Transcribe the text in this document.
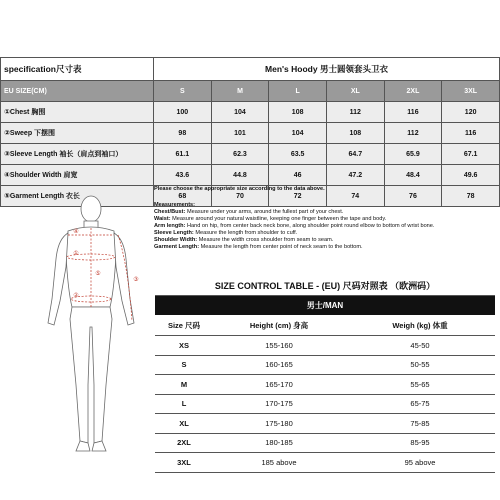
specification尺寸表	Men's Hoody 男士圆领套头卫衣					
EU SIZE(CM)	S	M	L	XL	2XL	3XL
①Chest 胸围	100	104	108	112	116	120
②Sweep 下摆围	98	101	104	108	112	116
③Sleeve Length 袖长（肩点到袖口）	61.1	62.3	63.5	64.7	65.9	67.1
④Shoulder Width 肩宽	43.6	44.8	46	47.2	48.4	49.6
⑤Garment Length 衣长	68	70	72	74	76	78
④
①
②
⑤
③
Please choose the appropriate size according to the data above.
Measurements:
Chest/Bust: Measure under your arms, around the fullest part of your chest.
Waist: Measure around your natural waistline, keeping one finger between the tape and body.
Arm length: Hand on hip, from center back neck bone, along shoulder point round elbow to bottom of wrist bone.
Sleeve Length: Measure the length from shoulder to cuff.
Shoulder Width: Measure the width cross shoulder from seam to seam.
Garment Length: Measure the length from center point of neck seam to the bottom.
SIZE CONTROL TABLE - (EU) 尺码对照表 （欧洲码）		
男士/MAN		
Size 尺码	Height (cm) 身高	Weigh (kg) 体重
XS	155-160	45-50
S	160-165	50-55
M	165-170	55-65
L	170-175	65-75
XL	175-180	75-85
2XL	180-185	85-95
3XL	185 above	95 above
